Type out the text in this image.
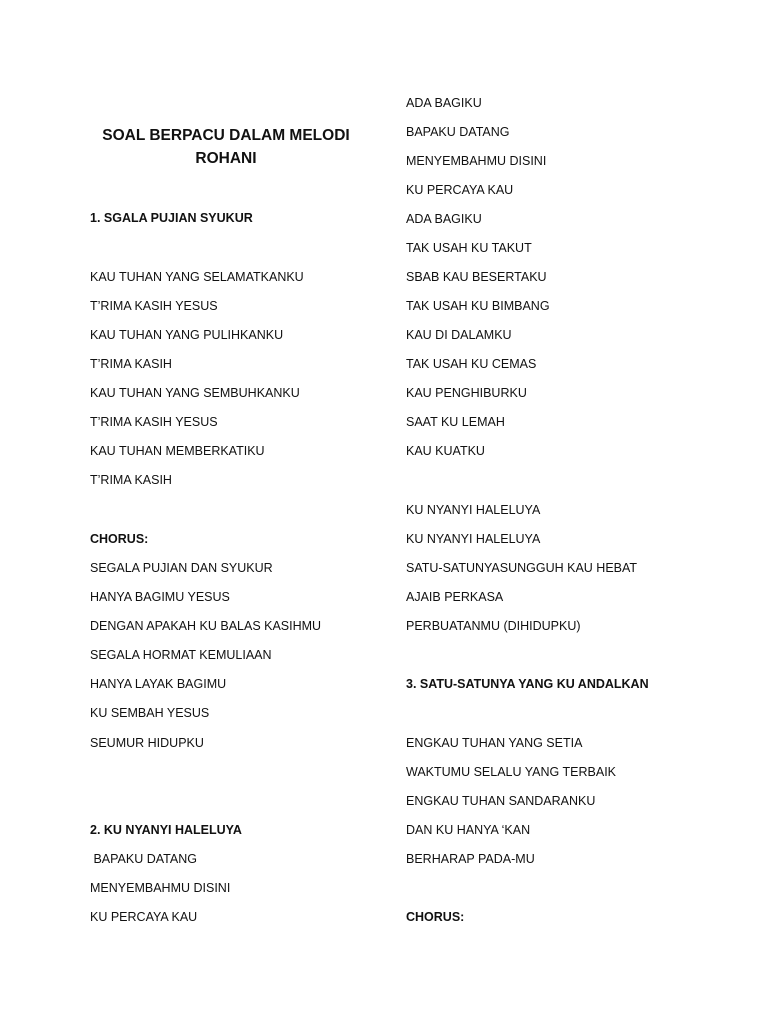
SOAL BERPACU DALAM MELODI
ROHANI
1. SGALA PUJIAN SYUKUR
KAU TUHAN YANG SELAMATKANKU
T’RIMA KASIH YESUS
KAU TUHAN YANG PULIHKANKU
T’RIMA KASIH
KAU TUHAN YANG SEMBUHKANKU
T’RIMA KASIH YESUS
KAU TUHAN MEMBERKATIKU
T’RIMA KASIH
CHORUS:
SEGALA PUJIAN DAN SYUKUR
HANYA BAGIMU YESUS
DENGAN APAKAH KU BALAS KASIHMU
SEGALA HORMAT KEMULIAAN
HANYA LAYAK BAGIMU
KU SEMBAH YESUS
SEUMUR HIDUPKU
2. KU NYANYI HALELUYA
BAPAKU DATANG
MENYEMBAHMU DISINI
KU PERCAYA KAU
ADA BAGIKU
BAPAKU DATANG
MENYEMBAHMU DISINI
KU PERCAYA KAU
ADA BAGIKU
TAK USAH KU TAKUT
SBAB KAU BESERTAKU
TAK USAH KU BIMBANG
KAU DI DALAMKU
TAK USAH KU CEMAS
KAU PENGHIBURKU
SAAT KU LEMAH
KAU KUATKU
KU NYANYI HALELUYA
KU NYANYI HALELUYA
SATU-SATUNYASUNGGUH KAU HEBAT
AJAIB PERKASA
PERBUATANMU (DIHIDUPKU)
3. SATU-SATUNYA YANG KU ANDALKAN
ENGKAU TUHAN YANG SETIA
WAKTUMU SELALU YANG TERBAIK
ENGKAU TUHAN SANDARANKU
DAN KU HANYA ‘KAN
BERHARAP PADA-MU
CHORUS:
